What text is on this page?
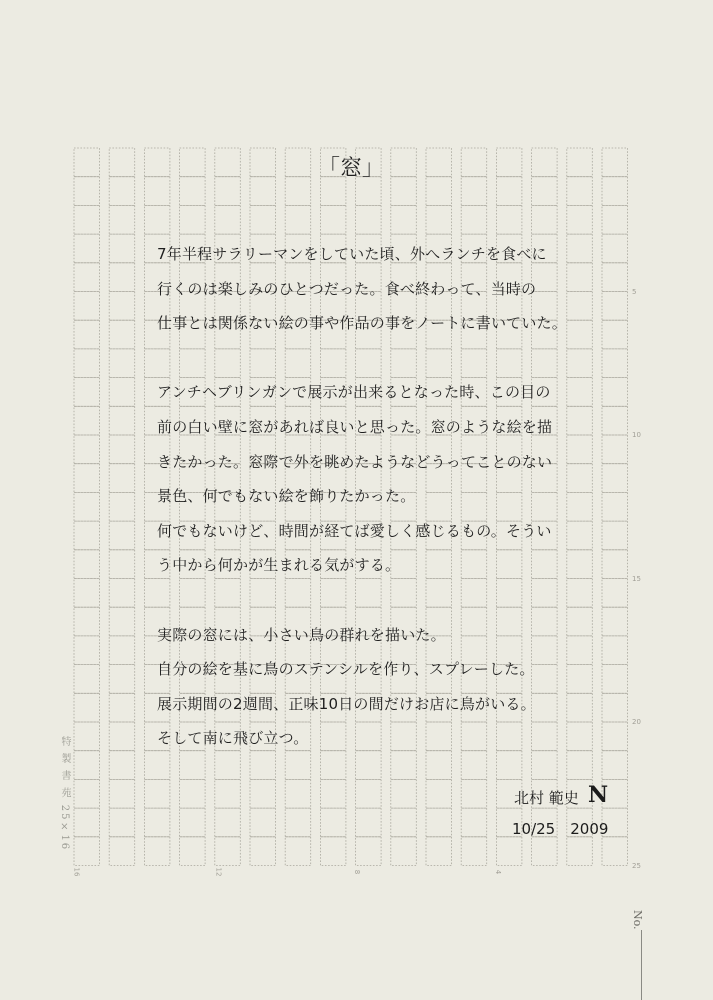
「窓」
7年半程サラリーマンをしていた頃、外へランチを食べに
行くのは楽しみのひとつだった。食べ終わって、当時の
仕事とは関係ない絵の事や作品の事をノートに書いていた。
アンチヘブリンガンで展示が出来るとなった時、この目の
前の白い壁に窓があれば良いと思った。窓のような絵を描
きたかった。窓際で外を眺めたようなどうってことのない
景色、何でもない絵を飾りたかった。
何でもないけど、時間が経てば愛しく感じるもの。そうい
う中から何かが生まれる気がする。
実際の窓には、小さい鳥の群れを描いた。
自分の絵を基に鳥のステンシルを作り、スプレーした。
展示期間の2週間、正味10日の間だけお店に鳥がいる。
そして南に飛び立つ。
北村 範史 N
10/25　2009
特 製 書 苑 25×16
5
10
15
20
25
16	12	8	4
No.
